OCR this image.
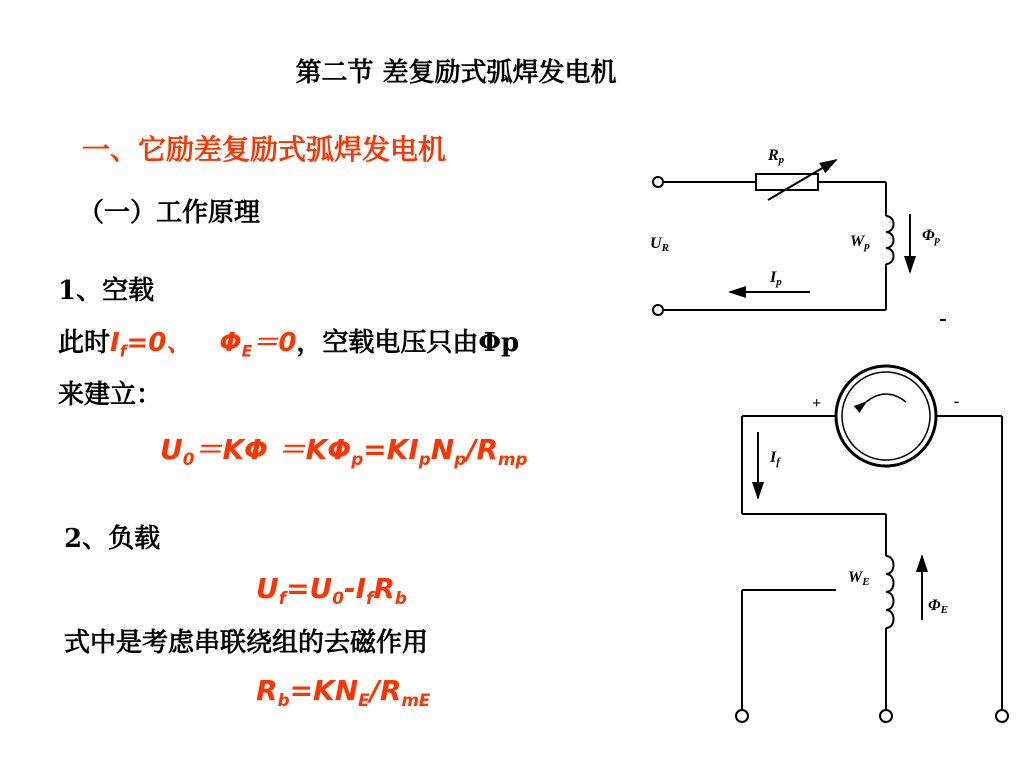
第二节 差复励式弧焊发电机
一、它励差复励式弧焊发电机
（一）工作原理
1、空载
此时$I_f=0$、 $\Phi_E=0$，空载电压只由Φp
来建立：
$U_0=K\Phi =K\Phi_p=KI_pN_p/R_{mp}$
2、负载
$U_f=U_0-I_fR_b$
式中是考虑串联绕组的去磁作用
$R_b=KN_E/R_{mE}$
Rp
UR	Wp
Φp
Ip
+	-
If
WE
ΦE
